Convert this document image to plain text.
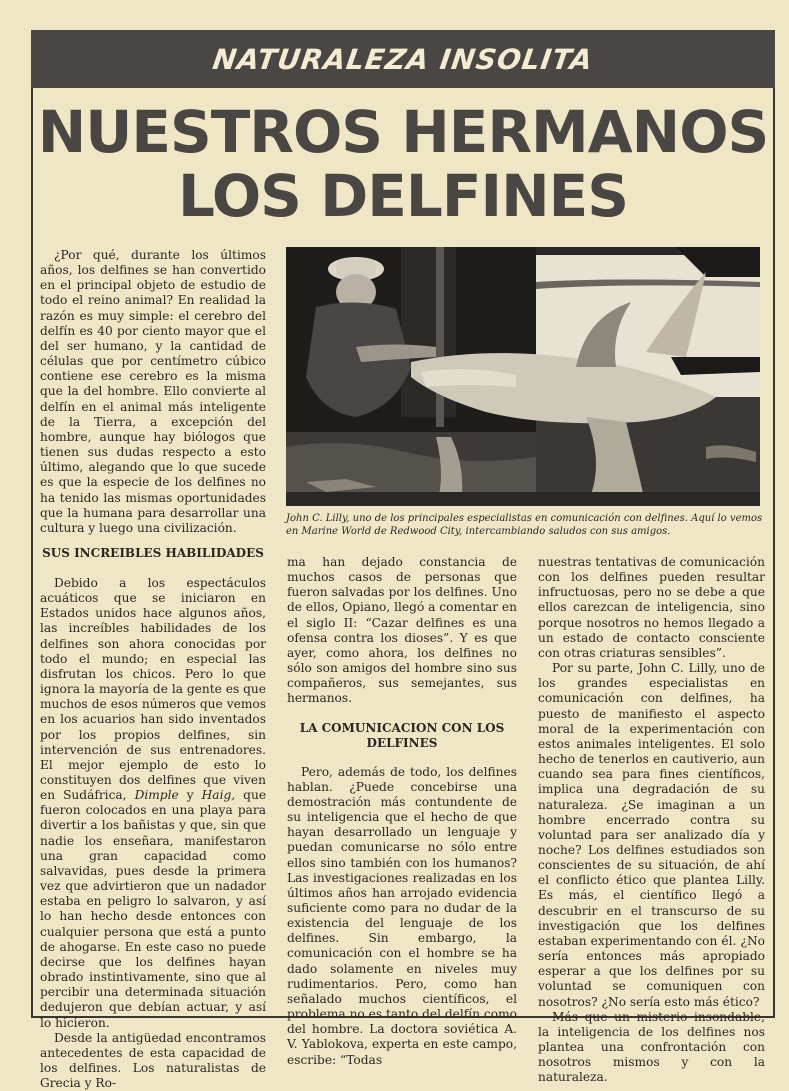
NATURALEZA INSOLITA
NUESTROS HERMANOS
LOS DELFINES

¿Por qué, durante los últimos años, los delfines se han convertido en el principal objeto de estudio de todo el reino animal? En realidad la razón es muy simple: el cerebro del delfín es 40 por ciento mayor que el del ser humano, y la cantidad de células que por centímetro cúbico contiene ese cerebro es la misma que la del hombre. Ello convierte al delfín en el animal más inteligente de la Tierra, a excepción del hombre, aunque hay biólogos que tienen sus dudas respecto a esto último, alegando que lo que sucede es que la especie de los delfines no ha tenido las mismas oportunidades que la humana para desarrollar una cultura y luego una civilización.

SUS INCREIBLES HABILIDADES

Debido a los espectáculos acuáticos que se iniciaron en Estados unidos hace algunos años, las increíbles habilidades de los delfines son ahora conocidas por todo el mundo; en especial las disfrutan los chicos. Pero lo que ignora la mayoría de la gente es que muchos de esos números que vemos en los acuarios han sido inventados por los propios delfines, sin intervención de sus entrenadores. El mejor ejemplo de esto lo constituyen dos delfines que viven en Sudáfrica, Dimple y Haig, que fueron colocados en una playa para divertir a los bañistas y que, sin que nadie los enseñara, manifestaron una gran capacidad como salvavidas, pues desde la primera vez que advirtieron que un nadador estaba en peligro lo salvaron, y así lo han hecho desde entonces con cualquier persona que está a punto de ahogarse. En este caso no puede decirse que los delfines hayan obrado instintivamente, sino que al percibir una determinada situación dedujeron que debían actuar, y así lo hicieron.

Desde la antigüedad encontramos antecedentes de esta capacidad de los delfines. Los naturalistas de Grecia y Ro-

John C. Lilly, uno de los principales especialistas en comunicación con delfines. Aquí lo vemos en Marine World de Redwood City, intercambiando saludos con sus amigos.

ma han dejado constancia de muchos casos de personas que fueron salvadas por los delfines. Uno de ellos, Opiano, llegó a comentar en el siglo II: “Cazar delfines es una ofensa contra los dioses”. Y es que ayer, como ahora, los delfines no sólo son amigos del hombre sino sus compañeros, sus semejantes, sus hermanos.

LA COMUNICACION CON LOS DELFINES

Pero, además de todo, los delfines hablan. ¿Puede concebirse una demostración más contundente de su inteligencia que el hecho de que hayan desarrollado un lenguaje y puedan comunicarse no sólo entre ellos sino también con los humanos? Las investigaciones realizadas en los últimos años han arrojado evidencia suficiente como para no dudar de la existencia del lenguaje de los delfines. Sin embargo, la comunicación con el hombre se ha dado solamente en niveles muy rudimentarios. Pero, como han señalado muchos científicos, el problema no es tanto del delfín como del hombre. La doctora soviética A. V. Yablokova, experta en este campo, escribe: “Todas

nuestras tentativas de comunicación con los delfines pueden resultar infructuosas, pero no se debe a que ellos carezcan de inteligencia, sino porque nosotros no hemos llegado a un estado de contacto consciente con otras criaturas sensibles”.

Por su parte, John C. Lilly, uno de los grandes especialistas en comunicación con delfines, ha puesto de manifiesto el aspecto moral de la experimentación con estos animales inteligentes. El solo hecho de tenerlos en cautiverio, aun cuando sea para fines científicos, implica una degradación de su naturaleza. ¿Se imaginan a un hombre encerrado contra su voluntad para ser analizado día y noche? Los delfines estudiados son conscientes de su situación, de ahí el conflicto ético que plantea Lilly. Es más, el científico llegó a descubrir en el transcurso de su investigación que los delfines estaban experimentando con él. ¿No sería entonces más apropiado esperar a que los delfines por su voluntad se comuniquen con nosotros? ¿No sería esto más ético?

Más que un misterio insondable, la inteligencia de los delfines nos plantea una confrontación con nosotros mismos y con la naturaleza.
